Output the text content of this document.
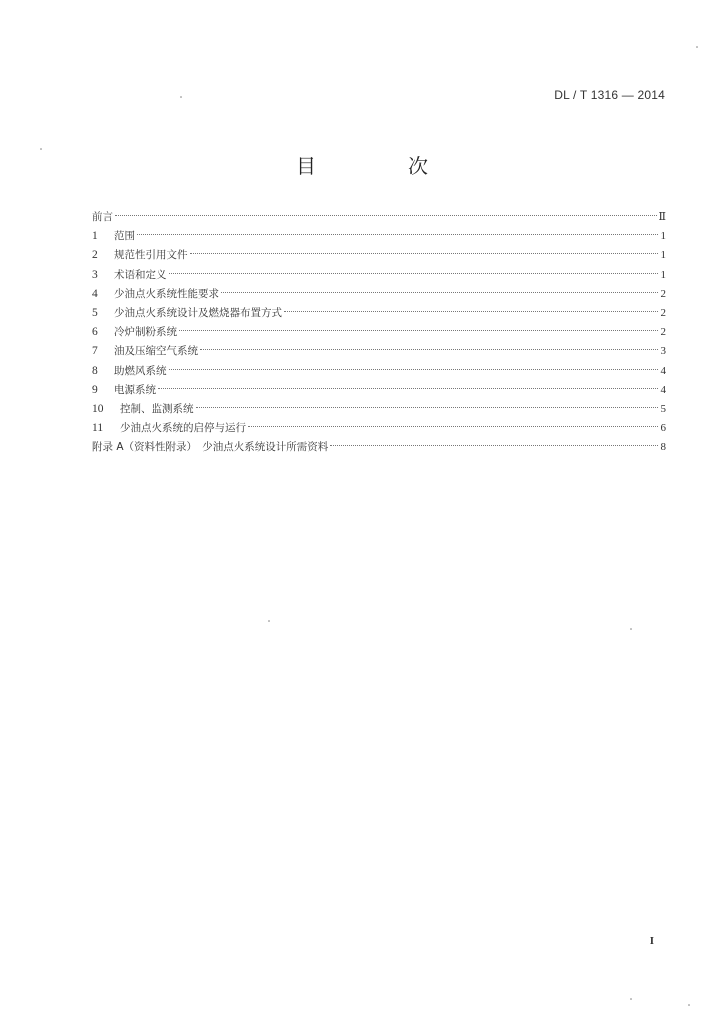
DL / T 1316 — 2014
目　次
前言	Ⅱ
1	范围	1
2	规范性引用文件	1
3	术语和定义	1
4	少油点火系统性能要求	2
5	少油点火系统设计及燃烧器布置方式	2
6	冷炉制粉系统	2
7	油及压缩空气系统	3
8	助燃风系统	4
9	电源系统	4
10	控制、监测系统	5
11	少油点火系统的启停与运行	6
附录 A（资料性附录）　少油点火系统设计所需资料	8
I
